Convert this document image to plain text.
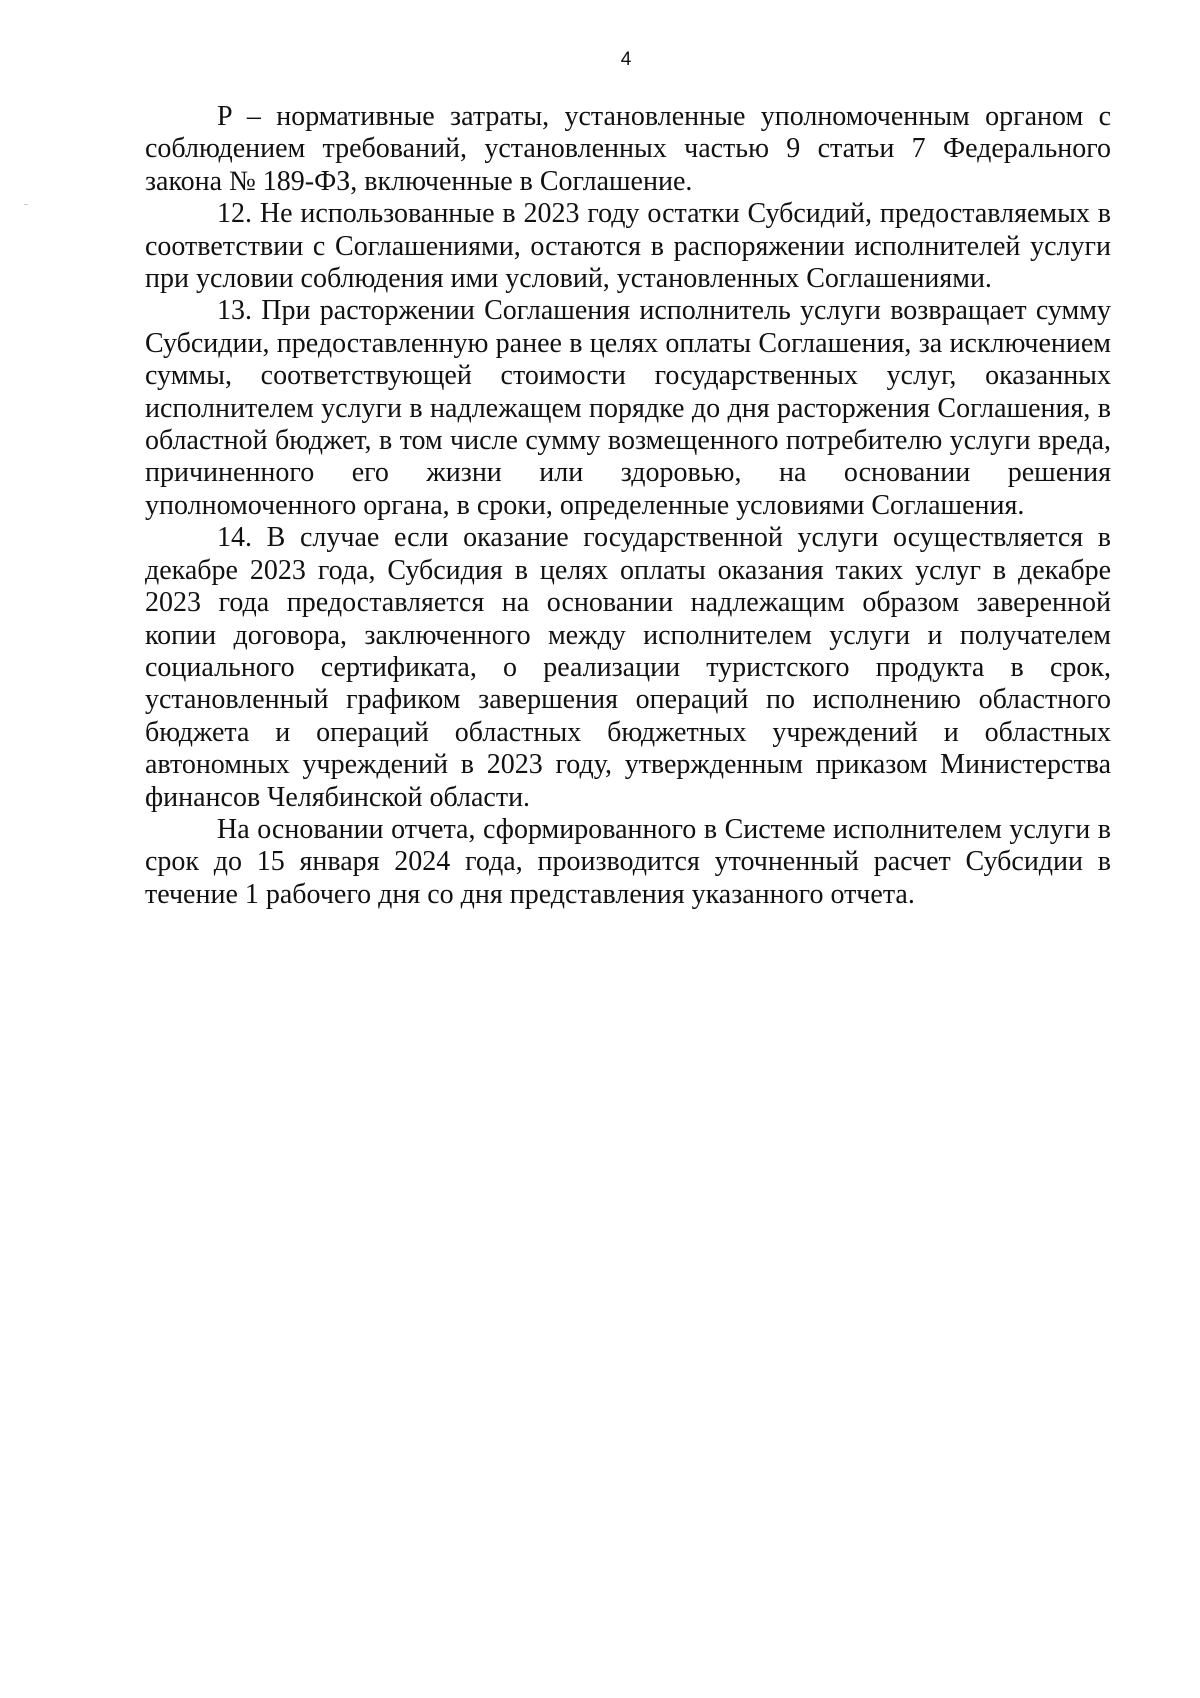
4

P – нормативные затраты, установленные уполномоченным органом с соблюдением требований, установленных частью 9 статьи 7 Федерального закона № 189-ФЗ, включенные в Соглашение.

12. Не использованные в 2023 году остатки Субсидий, предоставляемых в соответствии с Соглашениями, остаются в распоряжении исполнителей услуги при условии соблюдения ими условий, установленных Соглашениями.

13. При расторжении Соглашения исполнитель услуги возвращает сумму Субсидии, предоставленную ранее в целях оплаты Соглашения, за исключением суммы, соответствующей стоимости государственных услуг, оказанных исполнителем услуги в надлежащем порядке до дня расторжения Соглашения, в областной бюджет, в том числе сумму возмещенного потребителю услуги вреда, причиненного его жизни или здоровью, на основании решения уполномоченного органа, в сроки, определенные условиями Соглашения.

14. В случае если оказание государственной услуги осуществляется в декабре 2023 года, Субсидия в целях оплаты оказания таких услуг в декабре 2023 года предоставляется на основании надлежащим образом заверенной копии договора, заключенного между исполнителем услуги и получателем социального сертификата, о реализации туристского продукта в срок, установленный графиком завершения операций по исполнению областного бюджета и операций областных бюджетных учреждений и областных автономных учреждений в 2023 году, утвержденным приказом Министерства финансов Челябинской области.

На основании отчета, сформированного в Системе исполнителем услуги в срок до 15 января 2024 года, производится уточненный расчет Субсидии в течение 1 рабочего дня со дня представления указанного отчета.
